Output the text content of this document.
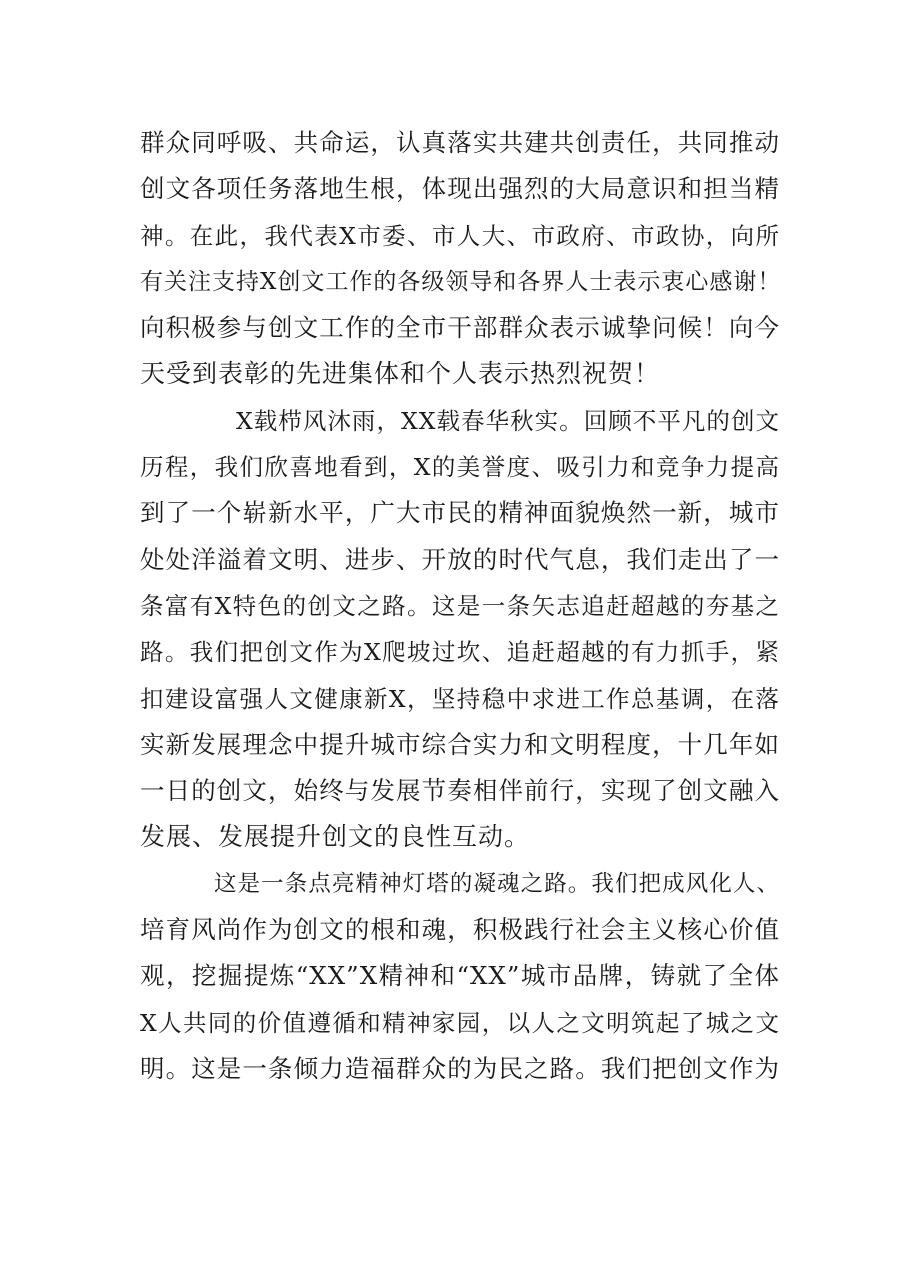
群众同呼吸、共命运，认真落实共建共创责任，共同推动
创文各项任务落地生根，体现出强烈的大局意识和担当精
神。在此，我代表X市委、市人大、市政府、市政协，向所
有关注支持X创文工作的各级领导和各界人士表示衷心感谢！
向积极参与创文工作的全市干部群众表示诚挚问候！向今
天受到表彰的先进集体和个人表示热烈祝贺！

X载栉风沐雨，XX载春华秋实。回顾不平凡的创文
历程，我们欣喜地看到，X的美誉度、吸引力和竞争力提高
到了一个崭新水平，广大市民的精神面貌焕然一新，城市
处处洋溢着文明、进步、开放的时代气息，我们走出了一
条富有X特色的创文之路。这是一条矢志追赶超越的夯基之
路。我们把创文作为X爬坡过坎、追赶超越的有力抓手，紧
扣建设富强人文健康新X，坚持稳中求进工作总基调，在落
实新发展理念中提升城市综合实力和文明程度，十几年如
一日的创文，始终与发展节奏相伴前行，实现了创文融入
发展、发展提升创文的良性互动。

这是一条点亮精神灯塔的凝魂之路。我们把成风化人、
培育风尚作为创文的根和魂，积极践行社会主义核心价值
观，挖掘提炼“XX”X精神和“XX”城市品牌，铸就了全体
X人共同的价值遵循和精神家园，以人之文明筑起了城之文
明。这是一条倾力造福群众的为民之路。我们把创文作为
